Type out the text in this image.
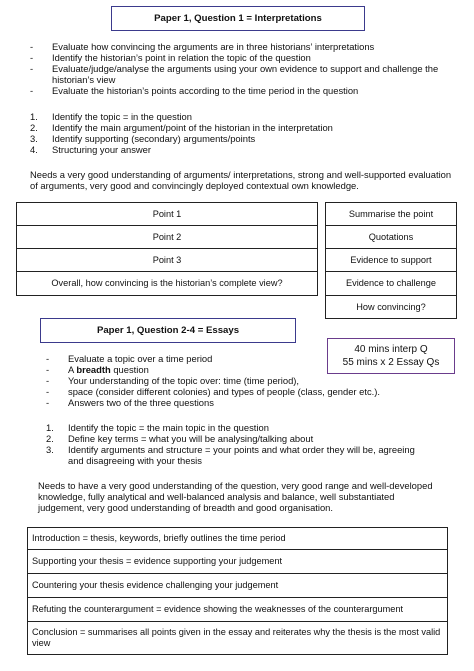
Paper 1, Question 1 = Interpretations
- Evaluate how convincing the arguments are in three historians’ interpretations
- Identify the historian’s point in relation the topic of the question
- Evaluate/judge/analyse the arguments using your own evidence to support and challenge the historian’s view
- Evaluate the historian’s points according to the time period in the question
1. Identify the topic = in the question
2. Identify the main argument/point of the historian in the interpretation
3. Identify supporting (secondary) arguments/points
4. Structuring your answer

Needs a very good understanding of arguments/ interpretations, strong and well-supported evaluation of arguments, very good and convincingly deployed contextual own knowledge.

Point 1
Point 2
Point 3
Overall, how convincing is the historian’s complete view?
Summarise the point
Quotations
Evidence to support
Evidence to challenge
How convincing?
Paper 1, Question 2-4 = Essays
40 mins interp Q
55 mins x 2 Essay Qs
- Evaluate a topic over a time period
- A breadth question
- Your understanding of the topic over: time (time period),
- space (consider different colonies) and types of people (class, gender etc.).
- Answers two of the three questions
1. Identify the topic = the main topic in the question
2. Define key terms = what you will be analysing/talking about
3. Identify arguments and structure = your points and what order they will be, agreeing and disagreeing with your thesis

Needs to have a very good understanding of the question, very good range and well-developed knowledge, fully analytical and well-balanced analysis and balance, well substantiated judgement, very good understanding of breadth and good organisation.

Introduction = thesis, keywords, briefly outlines the time period
Supporting your thesis = evidence supporting your judgement
Countering your thesis evidence challenging your judgement
Refuting the counterargument = evidence showing the weaknesses of the counterargument
Conclusion = summarises all points given in the essay and reiterates why the thesis is the most valid view
